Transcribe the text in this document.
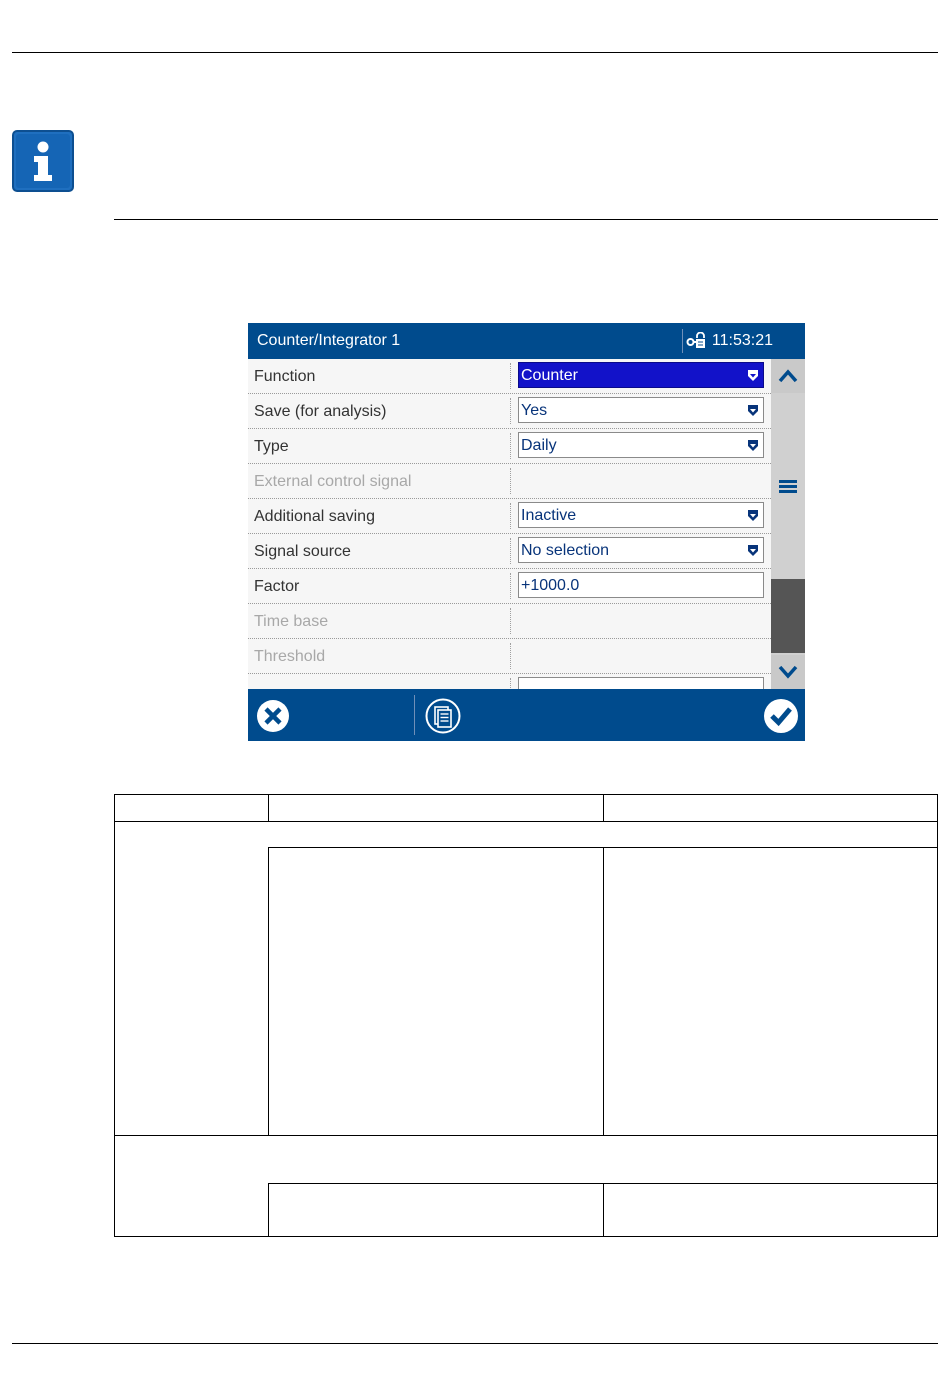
Counter/Integrator 1	11:53:21
Function	Counter
Save (for analysis)	Yes
Type	Daily
External control signal
Additional saving	Inactive
Signal source	No selection
Factor	+1000.0
Time base
Threshold
